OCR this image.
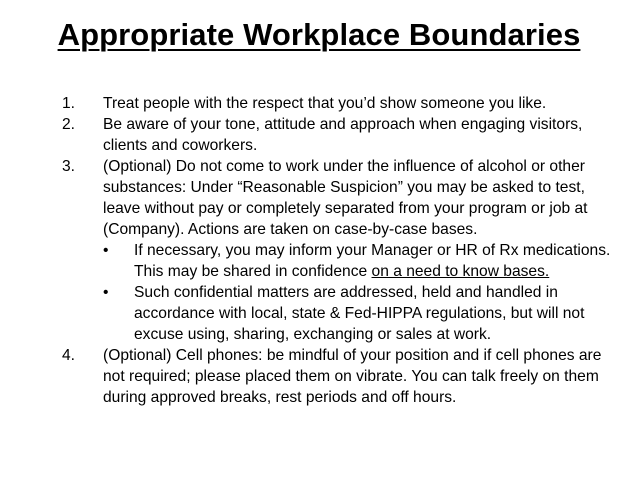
Appropriate Workplace Boundaries
1. Treat people with the respect that you’d show someone you like.
2. Be aware of your tone, attitude and approach when engaging visitors, clients and coworkers.
3. (Optional) Do not come to work under the influence of alcohol or other substances: Under “Reasonable Suspicion” you may be asked to test, leave without pay or completely separated from your program or job at (Company). Actions are taken on case-by-case bases.
• If necessary, you may inform your Manager or HR of Rx medications. This may be shared in confidence on a need to know bases.
• Such confidential matters are addressed, held and handled in accordance with local, state & Fed-HIPPA regulations, but will not excuse using, sharing, exchanging or sales at work.
4. (Optional) Cell phones: be mindful of your position and if cell phones are not required; please placed them on vibrate. You can talk freely on them during approved breaks, rest periods and off hours.
